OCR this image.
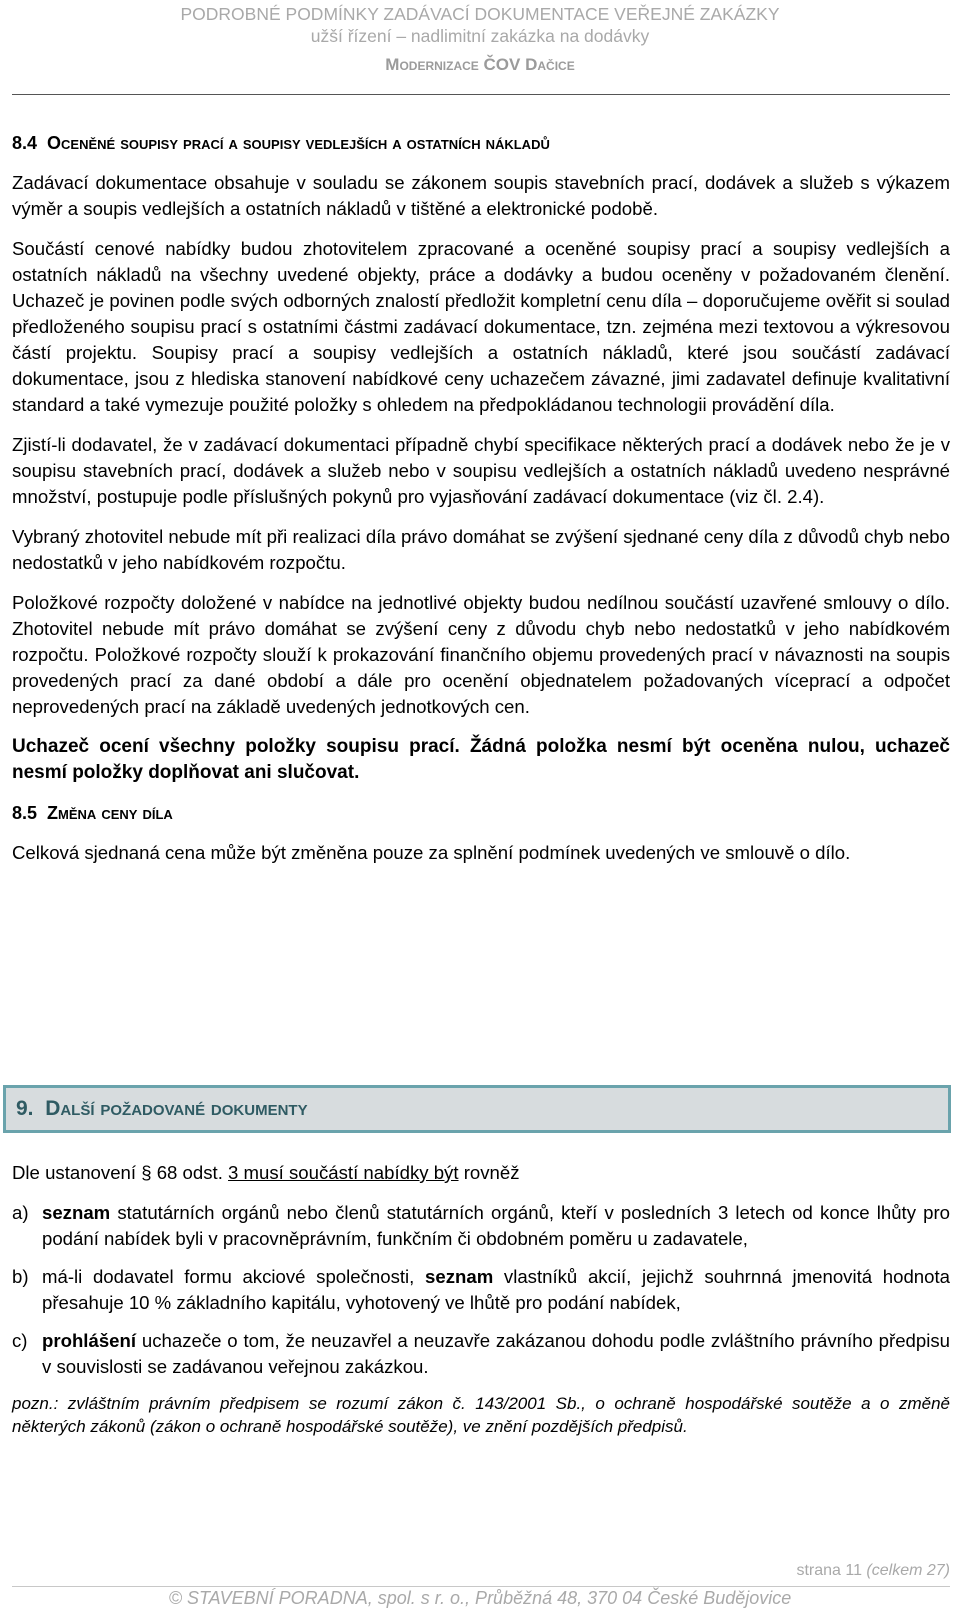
PODROBNÉ PODMÍNKY ZADÁVACÍ DOKUMENTACE VEŘEJNÉ ZAKÁZKY
užší řízení – nadlimitní zakázka na dodávky
Modernizace ČOV Dačice
8.4 Oceněné soupisy prací a soupisy vedlejších a ostatních nákladů

Zadávací dokumentace obsahuje v souladu se zákonem soupis stavebních prací, dodávek a služeb s výkazem výměr a soupis vedlejších a ostatních nákladů v tištěné a elektronické podobě.

Součástí cenové nabídky budou zhotovitelem zpracované a oceněné soupisy prací a soupisy vedlejších a ostatních nákladů na všechny uvedené objekty, práce a dodávky a budou oceněny v požadovaném členění. Uchazeč je povinen podle svých odborných znalostí předložit kompletní cenu díla – doporučujeme ověřit si soulad předloženého soupisu prací s ostatními částmi zadávací dokumentace, tzn. zejména mezi textovou a výkresovou částí projektu. Soupisy prací a soupisy vedlejších a ostatních nákladů, které jsou součástí zadávací dokumentace, jsou z hlediska stanovení nabídkové ceny uchazečem závazné, jimi zadavatel definuje kvalitativní standard a také vymezuje použité položky s ohledem na předpokládanou technologii provádění díla.

Zjistí-li dodavatel, že v zadávací dokumentaci případně chybí specifikace některých prací a dodávek nebo že je v soupisu stavebních prací, dodávek a služeb nebo v soupisu vedlejších a ostatních nákladů uvedeno nesprávné množství, postupuje podle příslušných pokynů pro vyjasňování zadávací dokumentace (viz čl. 2.4).

Vybraný zhotovitel nebude mít při realizaci díla právo domáhat se zvýšení sjednané ceny díla z důvodů chyb nebo nedostatků v jeho nabídkovém rozpočtu.

Položkové rozpočty doložené v nabídce na jednotlivé objekty budou nedílnou součástí uzavřené smlouvy o dílo. Zhotovitel nebude mít právo domáhat se zvýšení ceny z důvodu chyb nebo nedostatků v jeho nabídkovém rozpočtu. Položkové rozpočty slouží k prokazování finančního objemu provedených prací v návaznosti na soupis provedených prací za dané období a dále pro ocenění objednatelem požadovaných víceprací a odpočet neprovedených prací na základě uvedených jednotkových cen.

Uchazeč ocení všechny položky soupisu prací. Žádná položka nesmí být oceněna nulou, uchazeč nesmí položky doplňovat ani slučovat.

8.5 Změna ceny díla

Celková sjednaná cena může být změněna pouze za splnění podmínek uvedených ve smlouvě o dílo.

9. Další požadované dokumenty

Dle ustanovení § 68 odst. 3 musí součástí nabídky být rovněž

a) seznam statutárních orgánů nebo členů statutárních orgánů, kteří v posledních 3 letech od konce lhůty pro podání nabídek byli v pracovněprávním, funkčním či obdobném poměru u zadavatele,
b) má-li dodavatel formu akciové společnosti, seznam vlastníků akcií, jejichž souhrnná jmenovitá hodnota přesahuje 10 % základního kapitálu, vyhotovený ve lhůtě pro podání nabídek,
c) prohlášení uchazeče o tom, že neuzavřel a neuzavře zakázanou dohodu podle zvláštního právního předpisu v souvislosti se zadávanou veřejnou zakázkou.
pozn.: zvláštním právním předpisem se rozumí zákon č. 143/2001 Sb., o ochraně hospodářské soutěže a o změně některých zákonů (zákon o ochraně hospodářské soutěže), ve znění pozdějších předpisů.
strana 11 (celkem 27)
© STAVEBNÍ PORADNA, spol. s r. o., Průběžná 48, 370 04 České Budějovice
